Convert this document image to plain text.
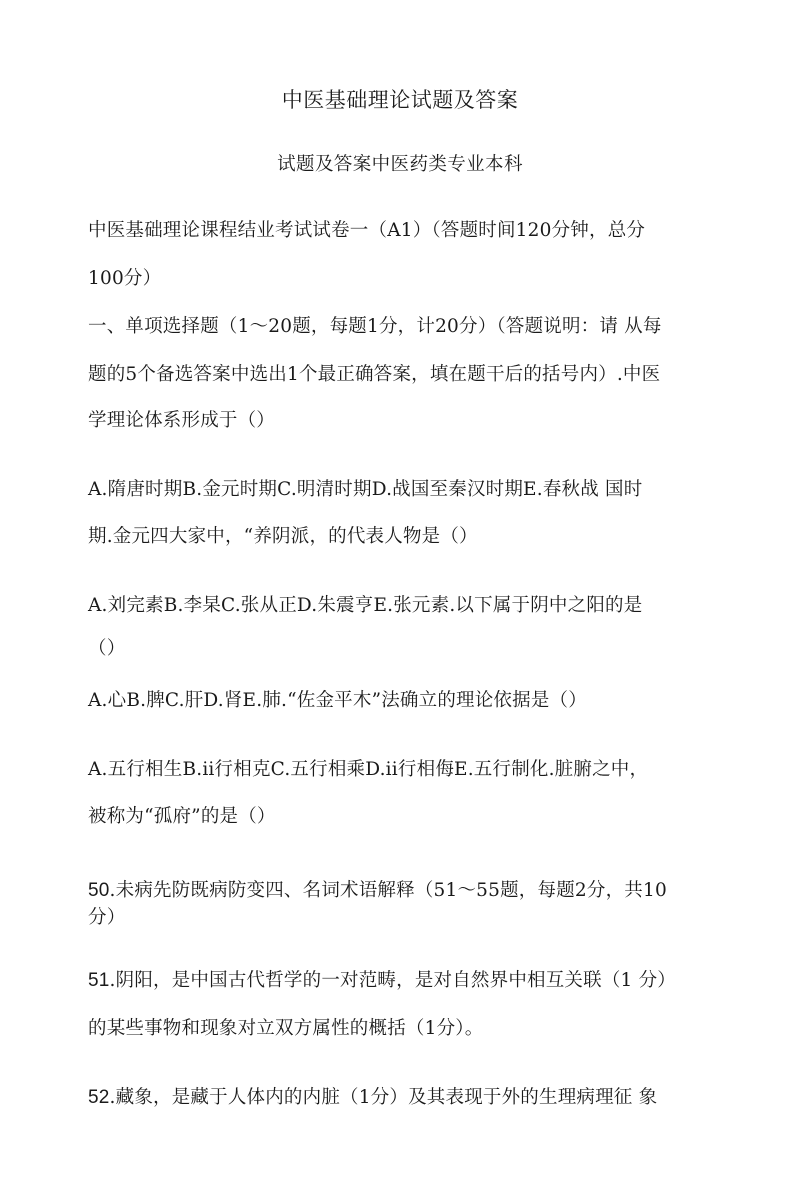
中医基础理论试题及答案
试题及答案中医药类专业本科
中医基础理论课程结业考试试卷一（A1）（答题时间120分钟，总分
100分）
一、单项选择题（1～20题，每题1分，计20分）（答题说明：请 从每
题的5个备选答案中选出1个最正确答案，填在题干后的括号内）.中医
学理论体系形成于（）
A.隋唐时期B.金元时期C.明清时期D.战国至秦汉时期E.春秋战 国时
期.金元四大家中，“养阴派，的代表人物是（）
A.刘完素B.李杲C.张从正D.朱震亨E.张元素.以下属于阴中之阳的是
（）
A.心B.脾C.肝D.肾E.肺.“佐金平木”法确立的理论依据是（）
A.五行相生B.ii行相克C.五行相乘D.ii行相侮E.五行制化.脏腑之中，
被称为“孤府”的是（）
50.未病先防既病防变四、名词术语解释（51～55题，每题2分，共10
分）
51.阴阳，是中国古代哲学的一对范畴，是对自然界中相互关联（1 分）
的某些事物和现象对立双方属性的概括（1分）。
52.藏象，是藏于人体内的内脏（1分）及其表现于外的生理病理征 象
